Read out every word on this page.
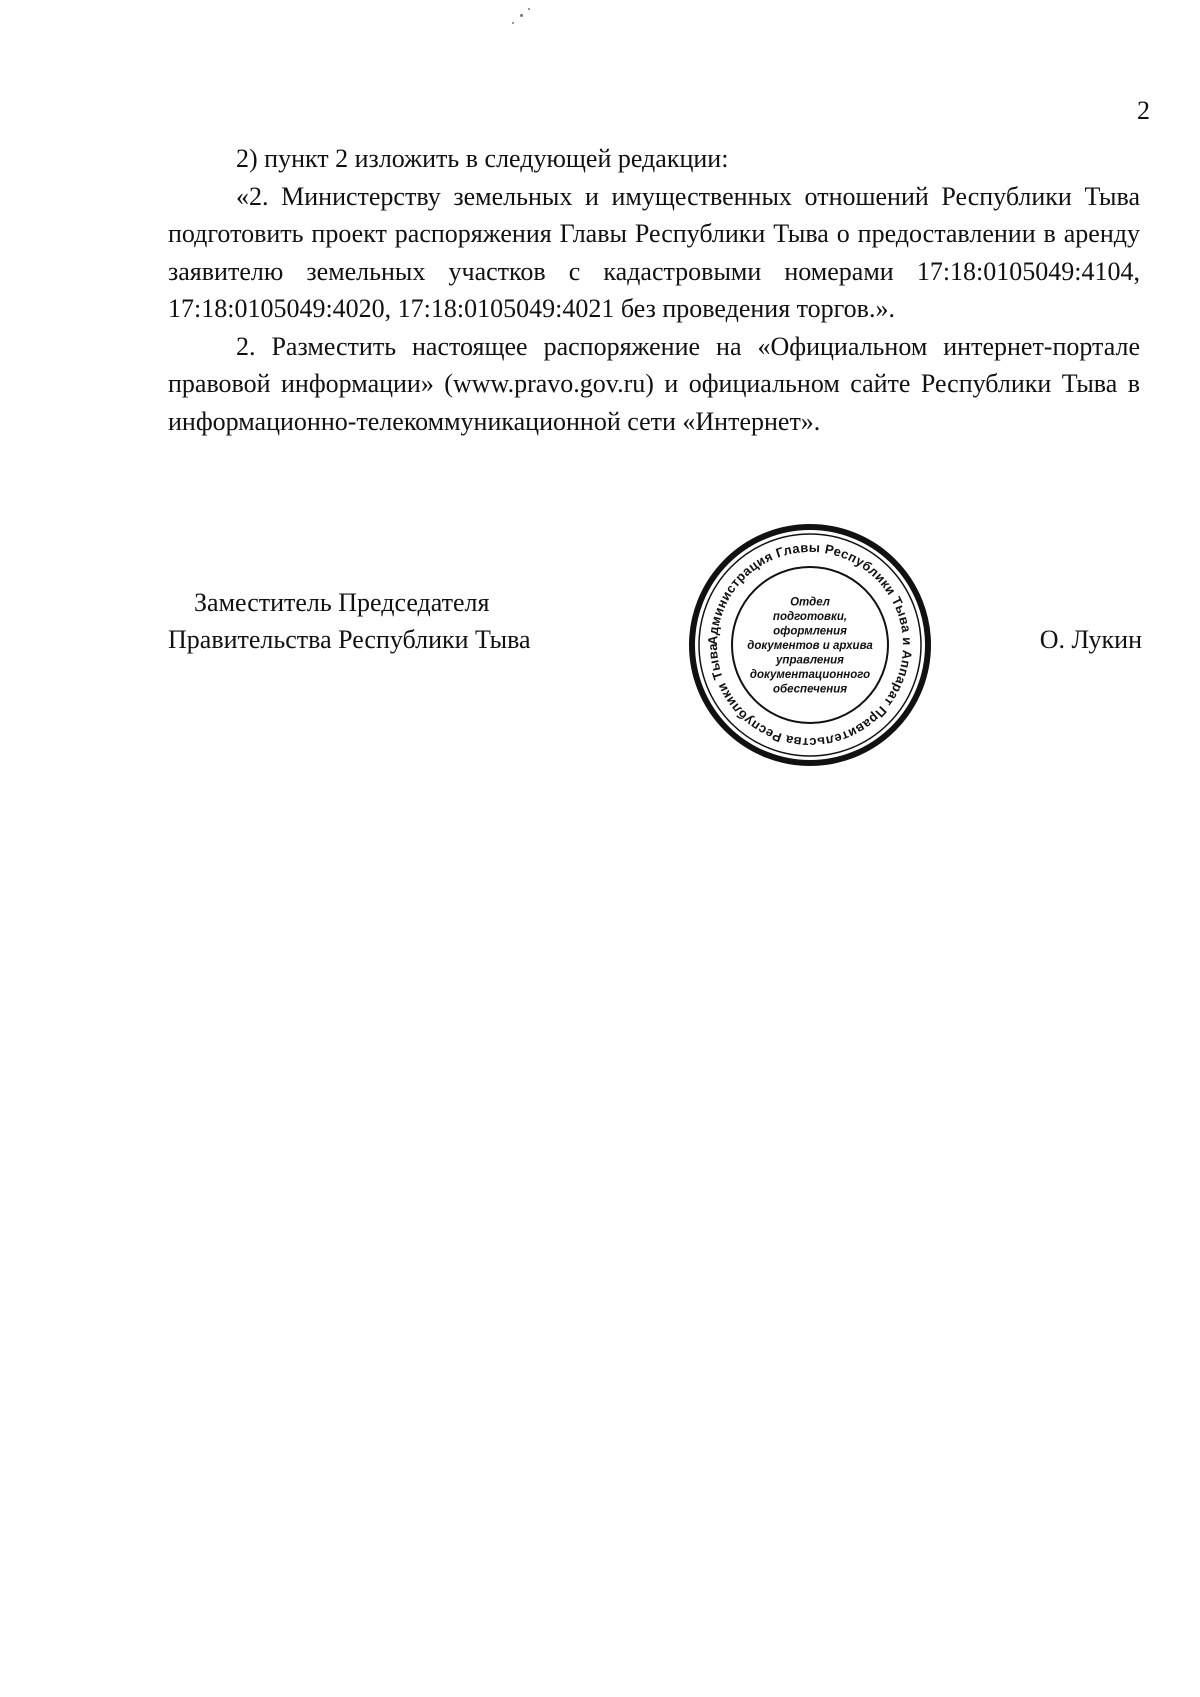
2

2) пункт 2 изложить в следующей редакции:

«2. Министерству земельных и имущественных отношений Республики Тыва подготовить проект распоряжения Главы Республики Тыва о предоставлении в аренду заявителю земельных участков с кадастровыми номерами 17:18:0105049:4104, 17:18:0105049:4020, 17:18:0105049:4021 без проведения торгов.».

2. Разместить настоящее распоряжение на «Официальном интернет-портале правовой информации» (www.pravo.gov.ru) и официальном сайте Республики Тыва в информационно-телекоммуникационной сети «Интернет».

Заместитель Председателя
Правительства Республики Тыва	Администрация Главы Республики Тыва и Аппарат Правительства Республики Тыва
Отдел
подготовки,
оформления
документов и архива
управления
документационного
обеспечения
О. Лукин
